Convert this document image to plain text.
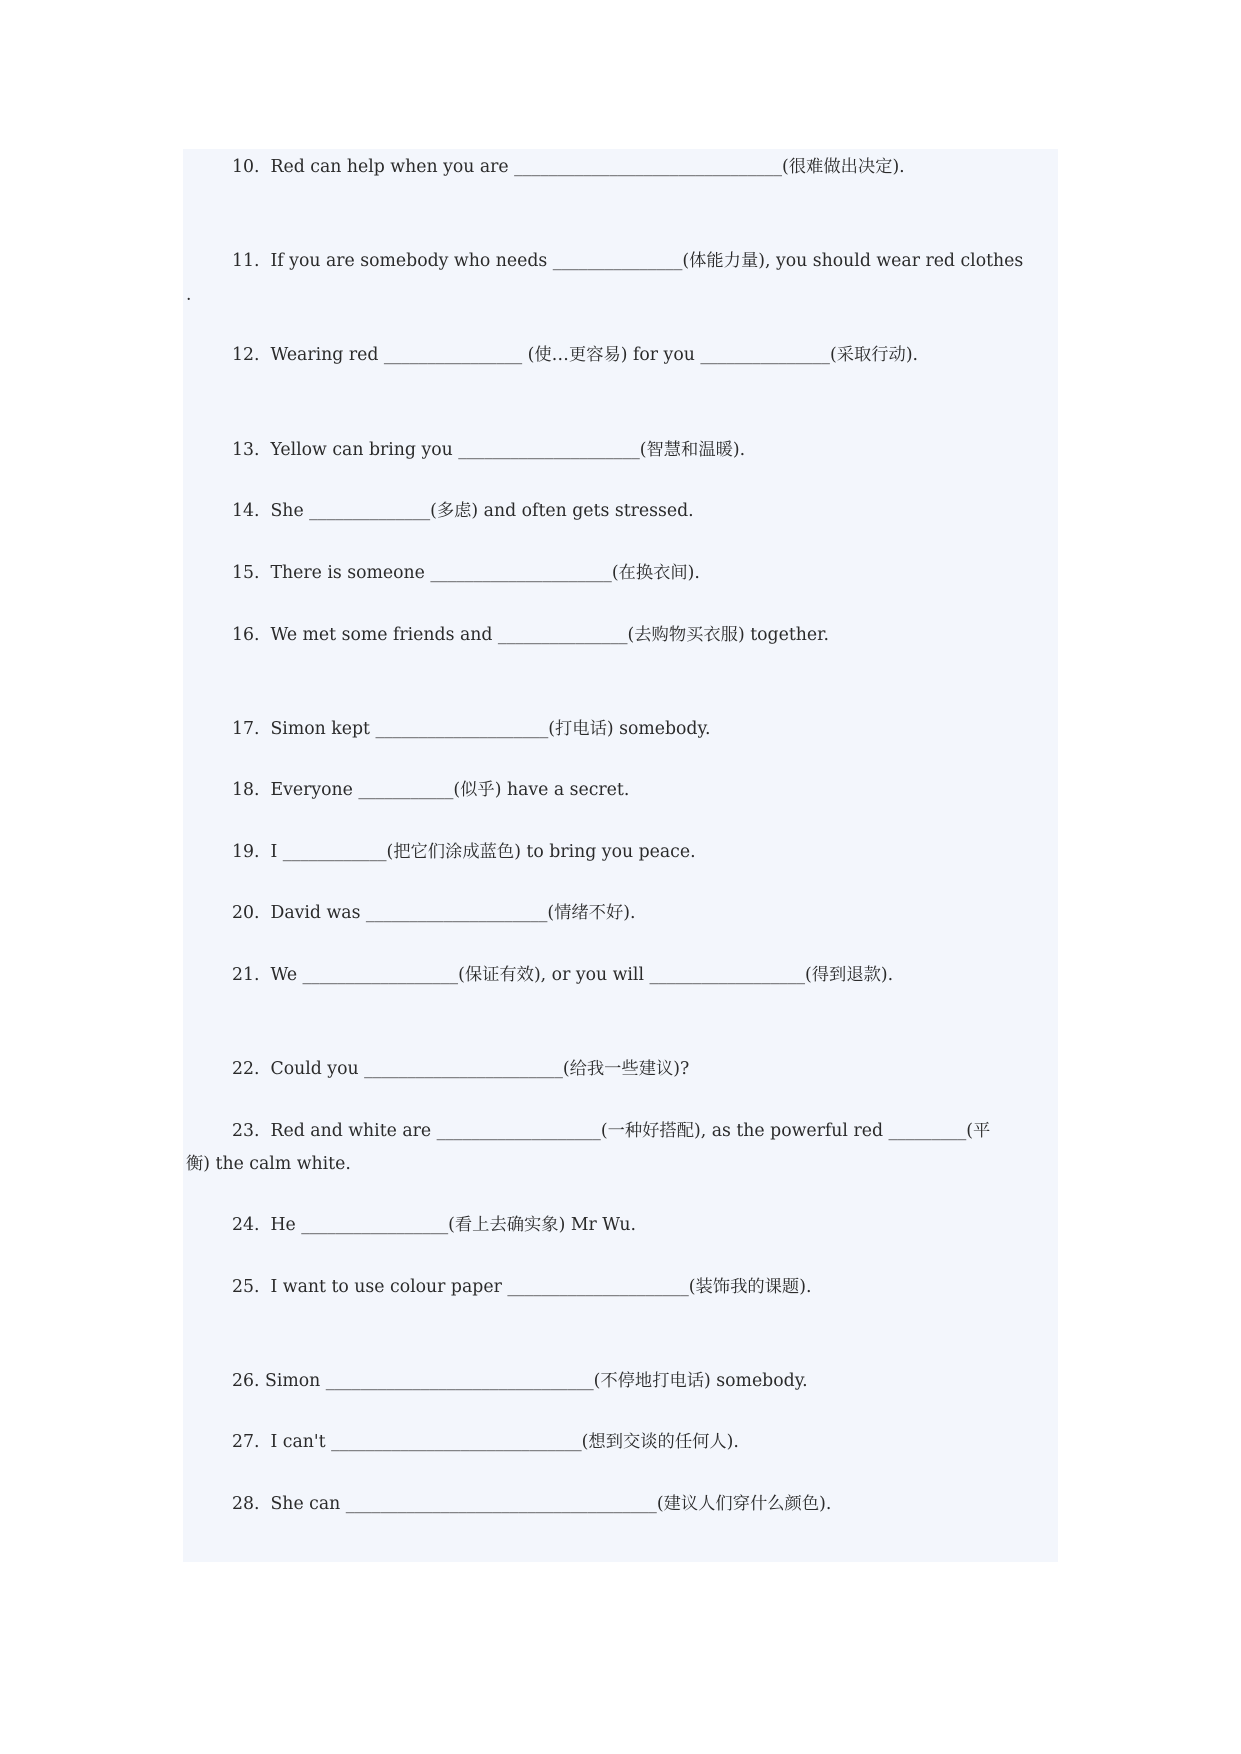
10.  Red can help when you are _______________________________(很难做出决定).
11.  If you are somebody who needs _______________(体能力量), you should wear red clothes
.
12.  Wearing red ________________ (使…更容易) for you _______________(采取行动).
13.  Yellow can bring you _____________________(智慧和温暖).
14.  She ______________(多虑) and often gets stressed.
15.  There is someone _____________________(在换衣间).
16.  We met some friends and _______________(去购物买衣服) together.
17.  Simon kept ____________________(打电话) somebody.
18.  Everyone ___________(似乎) have a secret.
19.  I ____________(把它们涂成蓝色) to bring you peace.
20.  David was _____________________(情绪不好).
21.  We __________________(保证有效), or you will __________________(得到退款).
22.  Could you _______________________(给我一些建议)?
23.  Red and white are ___________________(一种好搭配), as the powerful red _________(平
衡) the calm white.
24.  He _________________(看上去确实象) Mr Wu.
25.  I want to use colour paper _____________________(装饰我的课题).
26. Simon _______________________________(不停地打电话) somebody.
27.  I can't _____________________________(想到交谈的任何人).
28.  She can ____________________________________(建议人们穿什么颜色).
